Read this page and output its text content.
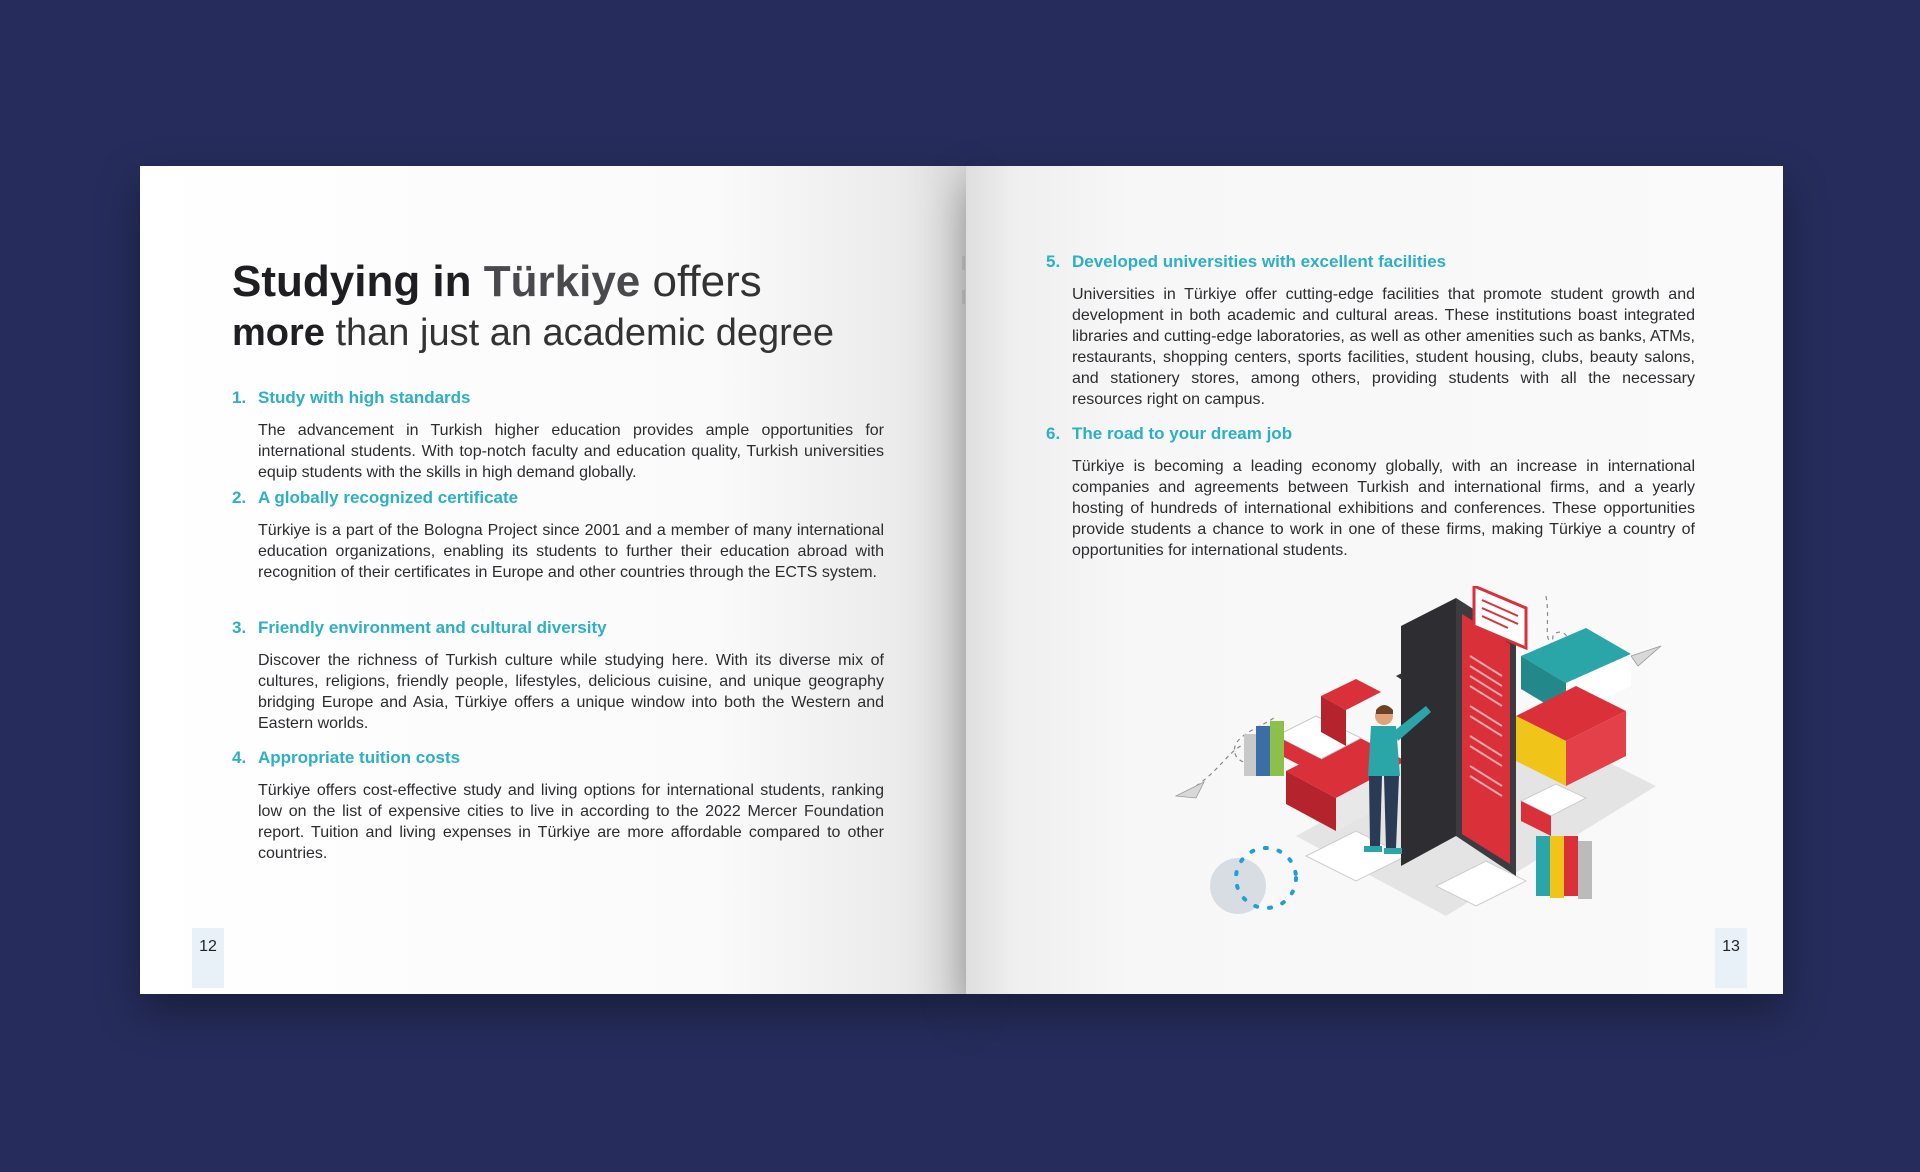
Studying in Türkiye offers
more than just an academic degree
1. Study with high standards
The advancement in Turkish higher education provides ample opportunities for international students. With top-notch faculty and education quality, Turkish universities equip students with the skills in high demand globally.
2. A globally recognized certificate
Türkiye is a part of the Bologna Project since 2001 and a member of many international education organizations, enabling its students to further their education abroad with recognition of their certificates in Europe and other countries through the ECTS system.
3. Friendly environment and cultural diversity
Discover the richness of Turkish culture while studying here. With its diverse mix of cultures, religions, friendly people, lifestyles, delicious cuisine, and unique geography bridging Europe and Asia, Türkiye offers a unique window into both the Western and Eastern worlds.
4. Appropriate tuition costs
Türkiye offers cost-effective study and living options for international students, ranking low on the list of expensive cities to live in according to the 2022 Mercer Foundation report. Tuition and living expenses in Türkiye are more affordable compared to other countries.
12
5. Developed universities with excellent facilities
Universities in Türkiye offer cutting-edge facilities that promote student growth and development in both academic and cultural areas. These institutions boast integrated libraries and cutting-edge laboratories, as well as other amenities such as banks, ATMs, restaurants, shopping centers, sports facilities, student housing, clubs, beauty salons, and stationery stores, among others, providing students with all the necessary resources right on campus.
6. The road to your dream job
Türkiye is becoming a leading economy globally, with an increase in international companies and agreements between Turkish and international firms, and a yearly hosting of hundreds of international exhibitions and conferences. These opportunities provide students a chance to work in one of these firms, making Türkiye a country of opportunities for international students.
13
